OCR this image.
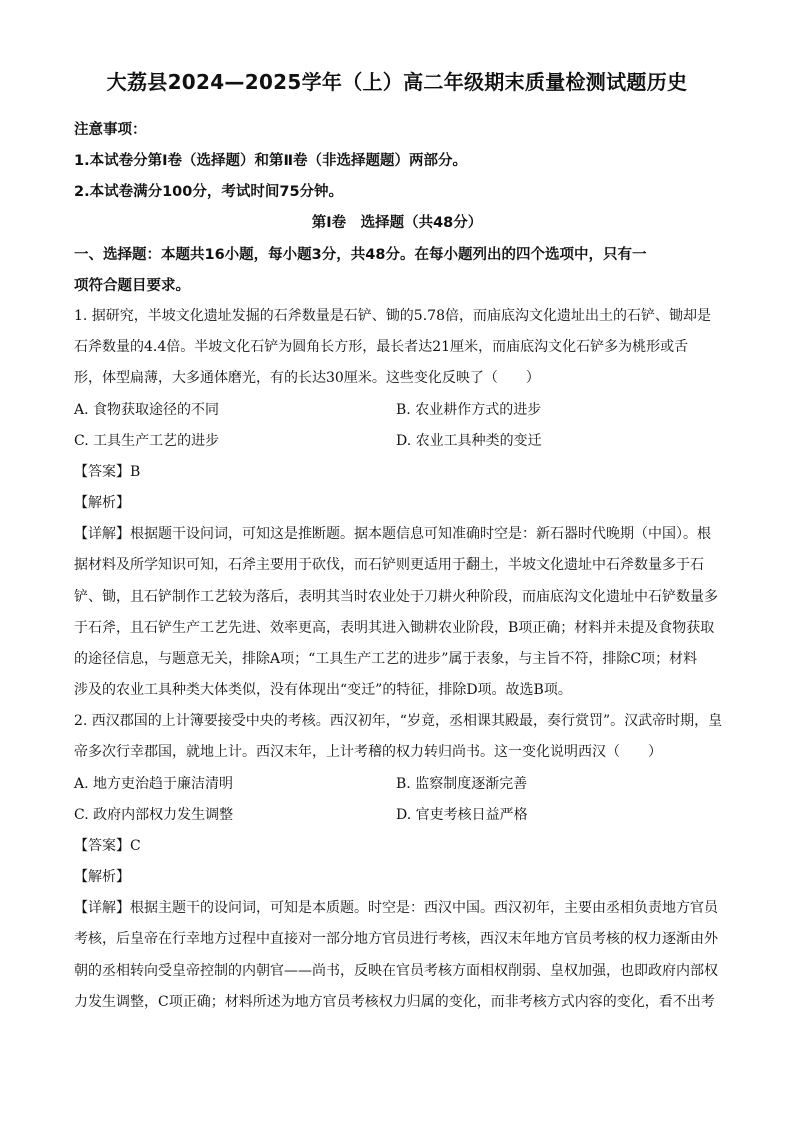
大荔县2024—2025学年（上）高二年级期末质量检测试题历史
注意事项：
1.本试卷分第Ⅰ卷（选择题）和第Ⅱ卷（非选择题题）两部分。
2.本试卷满分100分，考试时间75分钟。
第Ⅰ卷　选择题（共48分）
一、选择题：本题共16小题，每小题3分，共48分。在每小题列出的四个选项中，只有一
项符合题目要求。
1. 据研究，半坡文化遗址发掘的石斧数量是石铲、锄的5.78倍，而庙底沟文化遗址出土的石铲、锄却是
石斧数量的4.4倍。半坡文化石铲为圆角长方形，最长者达21厘米，而庙底沟文化石铲多为桃形或舌
形，体型扁薄，大多通体磨光，有的长达30厘米。这些变化反映了（　　）
A. 食物获取途径的不同	B. 农业耕作方式的进步
C. 工具生产工艺的进步	D. 农业工具种类的变迁
【答案】B
【解析】
【详解】根据题干设问词，可知这是推断题。据本题信息可知准确时空是：新石器时代晚期（中国）。根
据材料及所学知识可知，石斧主要用于砍伐，而石铲则更适用于翻土，半坡文化遗址中石斧数量多于石
铲、锄，且石铲制作工艺较为落后，表明其当时农业处于刀耕火种阶段，而庙底沟文化遗址中石铲数量多
于石斧，且石铲生产工艺先进、效率更高，表明其进入锄耕农业阶段，B项正确；材料并未提及食物获取
的途径信息，与题意无关，排除A项；“工具生产工艺的进步”属于表象，与主旨不符，排除C项；材料
涉及的农业工具种类大体类似，没有体现出“变迁”的特征，排除D项。故选B项。
2. 西汉郡国的上计簿要接受中央的考核。西汉初年，“岁竟，丞相课其殿最，奏行赏罚”。汉武帝时期，皇
帝多次行幸郡国，就地上计。西汉末年，上计考稽的权力转归尚书。这一变化说明西汉（　　）
A. 地方吏治趋于廉洁清明	B. 监察制度逐渐完善
C. 政府内部权力发生调整	D. 官吏考核日益严格
【答案】C
【解析】
【详解】根据主题干的设问词，可知是本质题。时空是：西汉中国。西汉初年，主要由丞相负责地方官员
考核，后皇帝在行幸地方过程中直接对一部分地方官员进行考核，西汉末年地方官员考核的权力逐渐由外
朝的丞相转向受皇帝控制的内朝官——尚书，反映在官员考核方面相权削弱、皇权加强，也即政府内部权
力发生调整，C项正确；材料所述为地方官员考核权力归属的变化，而非考核方式内容的变化，看不出考
